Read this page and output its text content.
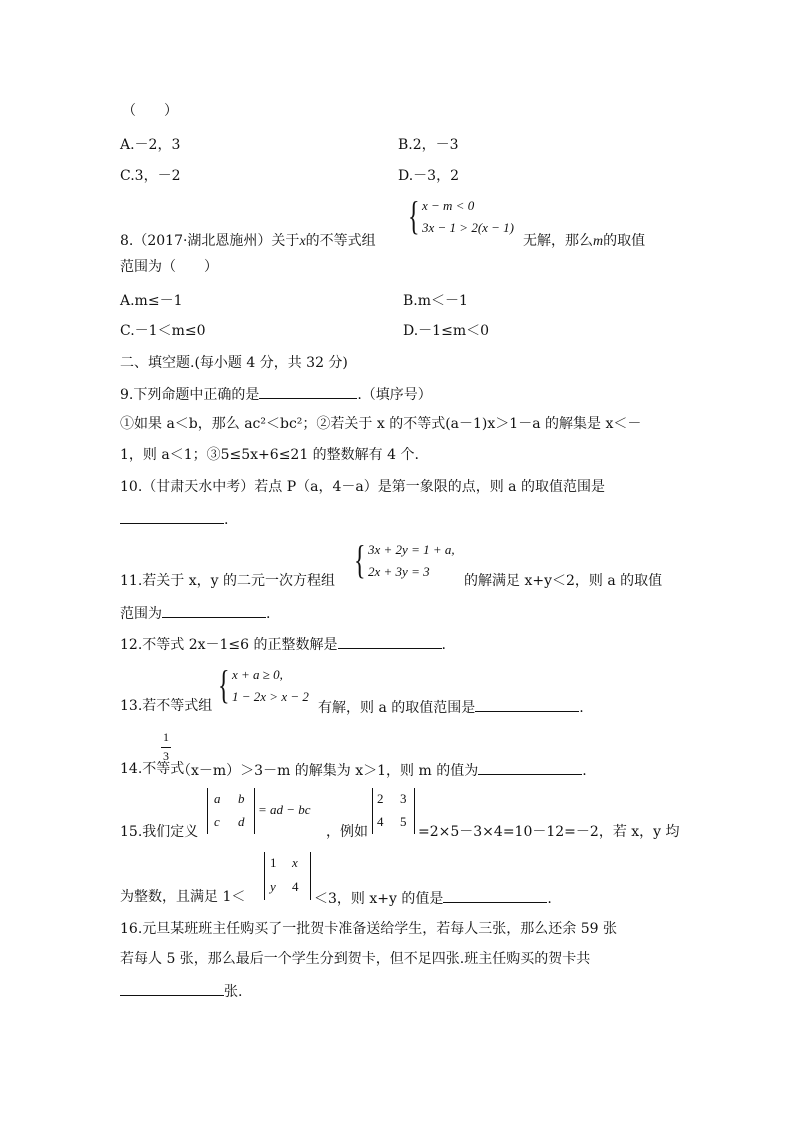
（　　）
A.－2，3	B.2，－3
C.3，－2	D.－3，2
8.（2017·湖北恩施州）关于x的不等式组
{ x − m < 0
3x − 1 > 2(x − 1)
无解，那么m的取值
范围为（　　）
A.m≤－1	B.m＜－1
C.－1＜m≤0	D.－1≤m＜0
二、填空题.(每小题 4 分，共 32 分)
9.下列命题中正确的是	.（填序号）
①如果 a＜b，那么 ac²＜bc²；②若关于 x 的不等式(a－1)x＞1－a 的解集是 x＜－
1，则 a＜1；③5≤5x+6≤21 的整数解有 4 个.
10.（甘肃天水中考）若点 P（a，4－a）是第一象限的点，则 a 的取值范围是
.
11.若关于 x，y 的二元一次方程组 { 3x + 2y = 1 + a,
2x + 3y = 3
的解满足 x+y＜2，则 a 的取值
范围为	.
12.不等式 2x－1≤6 的正整数解是	.
13.若不等式组 { x + a ≥ 0,
1 − 2x > x − 2
有解，则 a 的取值范围是	.
14.不等式
1
3
（x－m）＞3－m 的解集为 x＞1，则 m 的值为	.
15.我们定义
a b
c d
= ad − bc
，例如
2 3
4 5
=2×5－3×4=10－12=－2，若 x，y 均
为整数，且满足 1＜
1 x
y 4
＜3，则 x+y 的值是	.
16.元旦某班班主任购买了一批贺卡准备送给学生，若每人三张，那么还余 59 张
若每人 5 张，那么最后一个学生分到贺卡，但不足四张.班主任购买的贺卡共
张.
